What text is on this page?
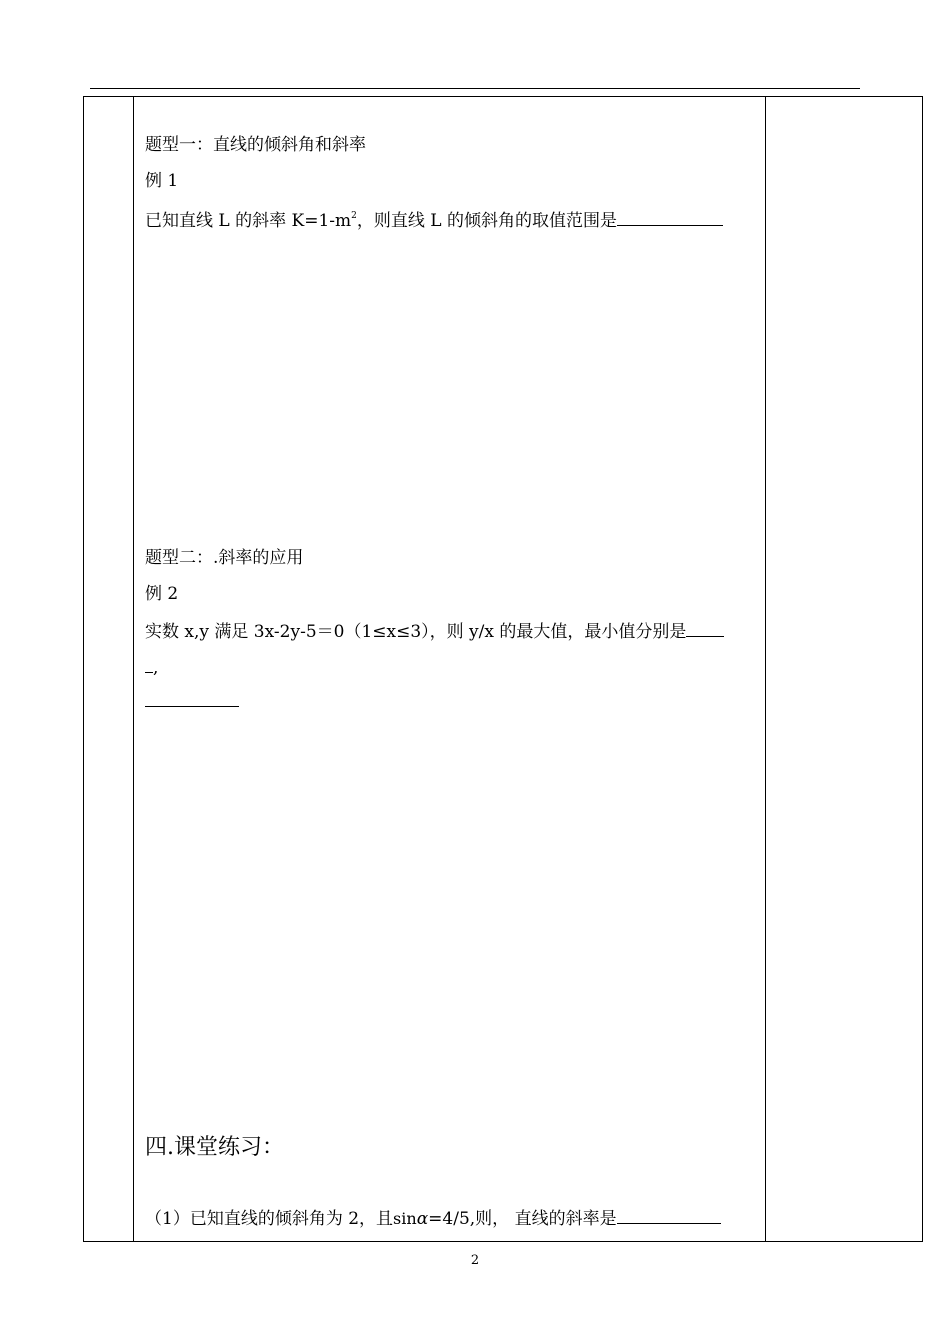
题型一：直线的倾斜角和斜率
例 1
已知直线 L 的斜率 $K=1-m^2$，则直线 L 的倾斜角的取值范围是
题型二：.斜率的应用
例 2
实数 x,y 满足 3x-2y-5＝0（1≤x≤3），则 y/x 的最大值，最小值分别是
,
四.课堂练习：
（1）已知直线的倾斜角为 2，且sinα=4/5,则， 直线的斜率是
2
